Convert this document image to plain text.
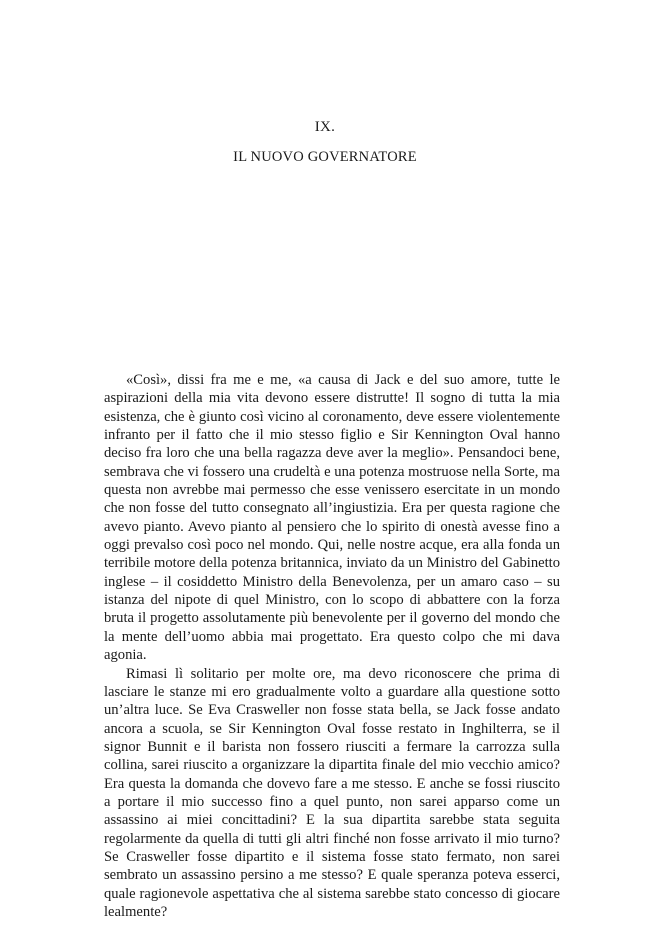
IX.
IL NUOVO GOVERNATORE

«Così», dissi fra me e me, «a causa di Jack e del suo amore, tutte le aspirazioni della mia vita devono essere distrutte! Il sogno di tutta la mia esistenza, che è giunto così vicino al coronamento, deve essere violentemente infranto per il fatto che il mio stesso figlio e Sir Kennington Oval hanno deciso fra loro che una bella ragazza deve aver la meglio». Pensandoci bene, sembrava che vi fossero una crudeltà e una potenza mostruose nella Sorte, ma questa non avrebbe mai permesso che esse venissero esercitate in un mondo che non fosse del tutto consegnato all’ingiustizia. Era per questa ragione che avevo pianto. Avevo pianto al pensiero che lo spirito di onestà avesse fino a oggi prevalso così poco nel mondo. Qui, nelle nostre acque, era alla fonda un terribile motore della potenza britannica, inviato da un Ministro del Gabinetto inglese – il cosiddetto Ministro della Benevolenza, per un amaro caso – su istanza del nipote di quel Ministro, con lo scopo di abbattere con la forza bruta il progetto assolutamente più benevolente per il governo del mondo che la mente dell’uomo abbia mai progettato. Era questo colpo che mi dava agonia.

Rimasi lì solitario per molte ore, ma devo riconoscere che prima di lasciare le stanze mi ero gradualmente volto a guardare alla questione sotto un’altra luce. Se Eva Crasweller non fosse stata bella, se Jack fosse andato ancora a scuola, se Sir Kennington Oval fosse restato in Inghilterra, se il signor Bunnit e il barista non fossero riusciti a fermare la carrozza sulla collina, sarei riuscito a organizzare la dipartita finale del mio vecchio amico? Era questa la domanda che dovevo fare a me stesso. E anche se fossi riuscito a portare il mio successo fino a quel punto, non sarei apparso come un assassino ai miei concittadini? E la sua dipartita sarebbe stata seguita regolarmente da quella di tutti gli altri finché non fosse arrivato il mio turno? Se Crasweller fosse dipartito e il sistema fosse stato fermato, non sarei sembrato un assassino persino a me stesso? E quale speranza poteva esserci, quale ragionevole aspettativa che al sistema sarebbe stato concesso di giocare lealmente?
